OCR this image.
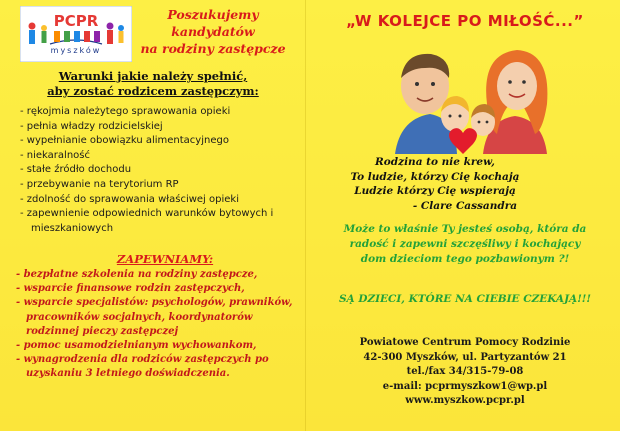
PCPR
myszków
Poszukujemy
kandydatów
na rodziny zastępcze
Warunki jakie należy spełnić,
aby zostać rodzicem zastępczym:
- rękojmia należytego sprawowania opieki
- pełnia władzy rodzicielskiej
- wypełnianie obowiązku alimentacyjnego
- niekaralność
- stałe źródło dochodu
- przebywanie na terytorium RP
- zdolność do sprawowania właściwej opieki
- zapewnienie odpowiednich warunków bytowych i mieszkaniowych
ZAPEWNIAMY:
- bezpłatne szkolenia na rodziny zastępcze,
- wsparcie finansowe rodzin zastępczych,
- wsparcie specjalistów: psychologów, prawników, pracowników socjalnych, koordynatorów rodzinnej pieczy zastępczej
- pomoc usamodzielnianym wychowankom,
- wynagrodzenia dla rodziców zastępczych po uzyskaniu 3 letniego doświadczenia.
„W KOLEJCE PO MIŁOŚĆ...”
Rodzina to nie krew,
To ludzie, którzy Cię kochają
Ludzie którzy Cię wspierają
- Clare Cassandra
Może to właśnie Ty jesteś osobą, która da
radość i zapewni szczęśliwy i kochający
dom dzieciom tego pozbawionym ?!
SĄ DZIECI, KTÓRE NA CIEBIE CZEKAJĄ!!!
Powiatowe Centrum Pomocy Rodzinie
42-300 Myszków, ul. Partyzantów 21
tel./fax 34/315-79-08
e-mail: pcprmyszkow1@wp.pl
www.myszkow.pcpr.pl
